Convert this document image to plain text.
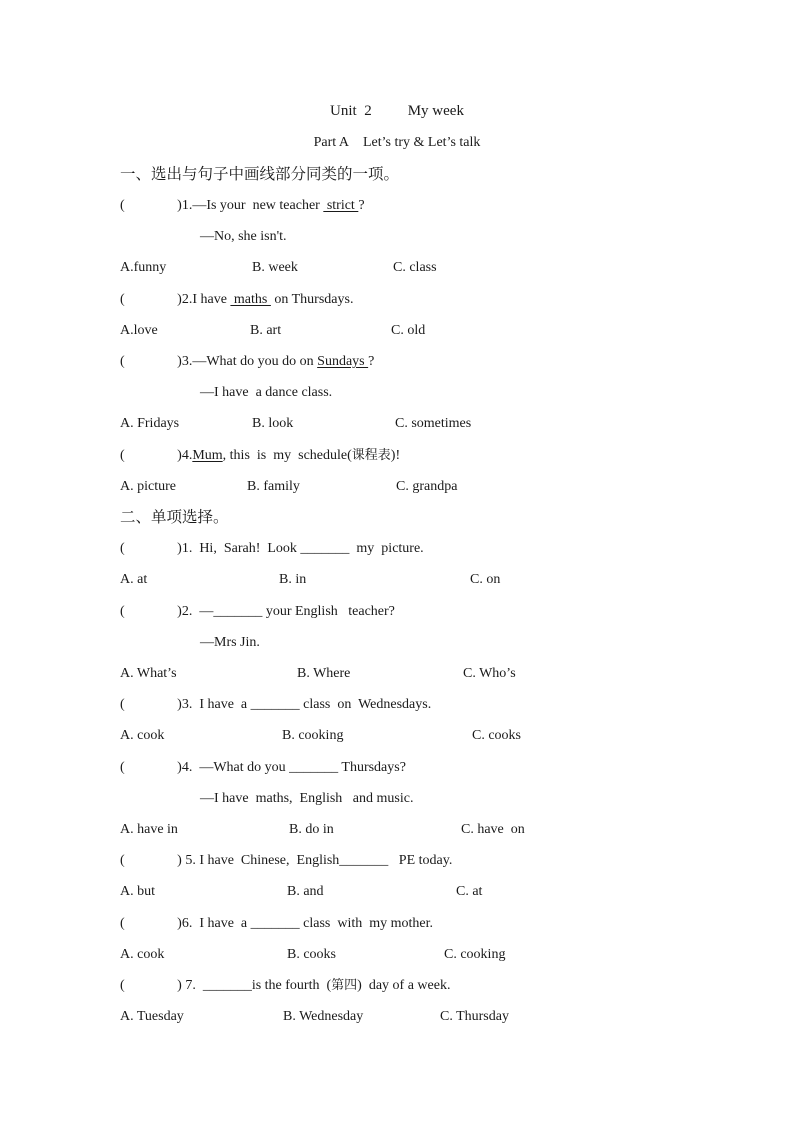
Unit  2 My week
Part A Let’s try & Let’s talk
一、选出与句子中画线部分同类的一项。
(               )1.—Is your  new teacher  strict ?
—No, she isn't.
A.funny	B. week	C. class
(               )2.I have  maths  on Thursdays.
A.love	B. art	C. old
(               )3.—What do you do on Sundays ?
—I have  a dance class.
A. Fridays	B. look	C. sometimes
(               )4.Mum, this  is  my  schedule(课程表)!
A. picture	B. family	C. grandpa
二、单项选择。
(               )1.  Hi,  Sarah!  Look _______  my  picture.
A. at	B. in	C. on
(               )2.  —_______ your English   teacher?
—Mrs Jin.
A. What’s	B. Where	C. Who’s
(               )3.  I have  a _______ class  on  Wednesdays.
A. cook	B. cooking	C. cooks
(               )4.  —What do you _______ Thursdays?
—I have  maths,  English   and music.
A. have in	B. do in	C. have  on
(               ) 5. I have  Chinese,  English_______   PE today.
A. but	B. and	C. at
(               )6.  I have  a _______ class  with  my mother.
A. cook	B. cooks	C. cooking
(               ) 7.  _______is the fourth  (第四)  day of a week.
A. Tuesday	B. Wednesday	C. Thursday
